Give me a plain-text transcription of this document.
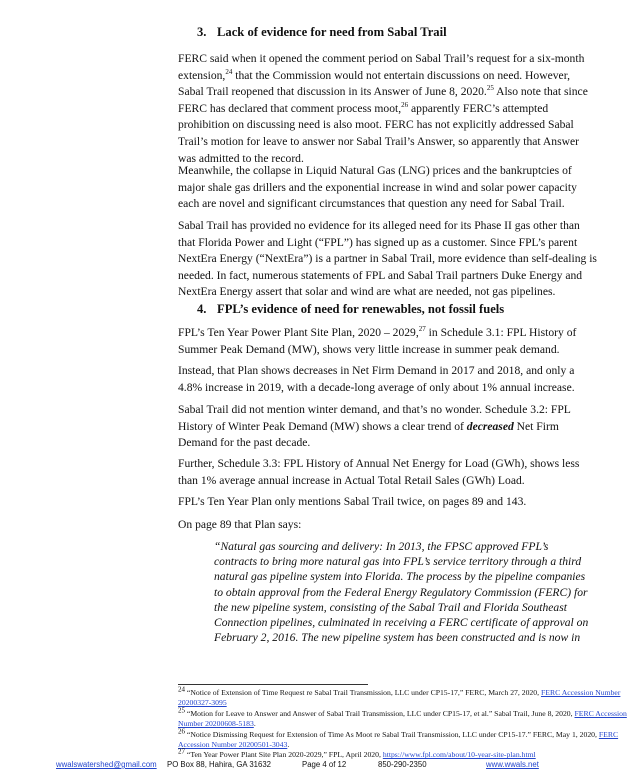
3. Lack of evidence for need from Sabal Trail

FERC said when it opened the comment period on Sabal Trail’s request for a six-month
extension,$^{24}$ that the Commission would not entertain discussions on need. However,
Sabal Trail reopened that discussion in its Answer of June 8, 2020.25 Also note that since
FERC has declared that comment process moot,$^{26}$ apparently FERC’s attempted
prohibition on discussing need is also moot. FERC has not explicitly addressed Sabal
Trail’s motion for leave to answer nor Sabal Trail’s Answer, so apparently that Answer
was admitted to the record.

Meanwhile, the collapse in Liquid Natural Gas (LNG) prices and the bankruptcies of
major shale gas drillers and the exponential increase in wind and solar power capacity
each are novel and significant circumstances that question any need for Sabal Trail.

Sabal Trail has provided no evidence for its alleged need for its Phase II gas other than
that Florida Power and Light (“FPL”) has signed up as a customer. Since FPL’s parent
NextEra Energy (“NextEra”) is a partner in Sabal Trail, more evidence than self-dealing is
needed. In fact, numerous statements of FPL and Sabal Trail partners Duke Energy and
NextEra Energy assert that solar and wind are what are needed, not gas pipelines.

4. FPL’s evidence of need for renewables, not fossil fuels

FPL’s Ten Year Power Plant Site Plan, 2020 – 2029,27 in Schedule 3.1: FPL History of
Summer Peak Demand (MW), shows very little increase in summer peak demand.

Instead, that Plan shows decreases in Net Firm Demand in 2017 and 2018, and only a
4.8% increase in 2019, with a decade-long average of only about 1% annual increase.

Sabal Trail did not mention winter demand, and that’s no wonder. Schedule 3.2: FPL
History of Winter Peak Demand (MW) shows a clear trend of decreased Net Firm
Demand for the past decade.

Further, Schedule 3.3: FPL History of Annual Net Energy for Load (GWh), shows less
than 1% average annual increase in Actual Total Retail Sales (GWh) Load.

FPL’s Ten Year Plan only mentions Sabal Trail twice, on pages 89 and 143.

On page 89 that Plan says:

“Natural gas sourcing and delivery: In 2013, the FPSC approved FPL’s
contracts to bring more natural gas into FPL’s service territory through a third
natural gas pipeline system into Florida. The process by the pipeline companies
to obtain approval from the Federal Energy Regulatory Commission (FERC) for
the new pipeline system, consisting of the Sabal Trail and Florida Southeast
Connection pipelines, culminated in receiving a FERC certificate of approval on
February 2, 2016. The new pipeline system has been constructed and is now in

$^{24}$ “Notice of Extension of Time Request re Sabal Trail Transmission, LLC under CP15-17,” FERC, March 27, 2020, FERC Accession Number
20200327-3095
$^{25}$ “Motion for Leave to Answer and Answer of Sabal Trail Transmission, LLC under CP15-17, et al.” Sabal Trail, June 8, 2020, FERC Accession
Number 20200608-5183.
$^{26}$ “Notice Dismissing Request for Extension of Time As Moot re Sabal Trail Transmission, LLC under CP15-17.” FERC, May 1, 2020, FERC
Accession Number 20200501-3043.
$^{27}$ “Ten Year Power Plant Site Plan 2020-2029,” FPL, April 2020, https://www.fpl.com/about/10-year-site-plan.html
wwalswatershed@gmail.com PO Box 88, Hahira, GA 31632	Page 4 of 12	850-290-2350	www.wwals.net
